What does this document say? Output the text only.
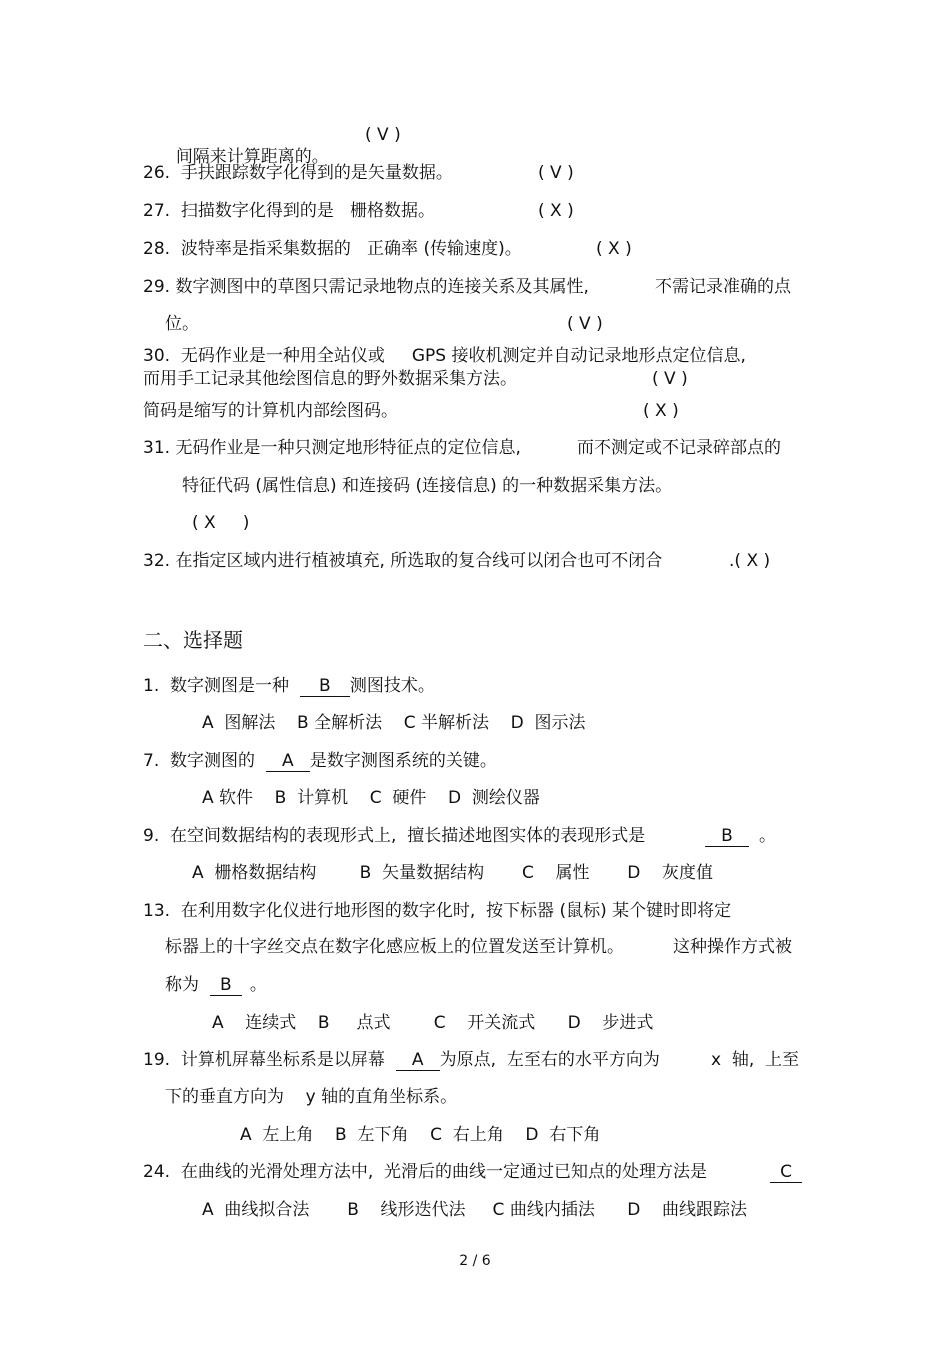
间隔来计算距离的。

( V )
26.  手扶跟踪数字化得到的是矢量数据。	( V )
27.  扫描数字化得到的是   栅格数据。	( X )
28.  波特率是指采集数据的   正确率 (传输速度)。	( X )
29. 数字测图中的草图只需记录地物点的连接关系及其属性,	不需记录准确的点
位。	( V )
30.  无码作业是一种用全站仪或     GPS 接收机测定并自动记录地形点定位信息,
而用手工记录其他绘图信息的野外数据采集方法。	( V )
简码是缩写的计算机内部绘图码。	( X )
31. 无码作业是一种只测定地形特征点的定位信息,	而不测定或不记录碎部点的
特征代码 (属性信息) 和连接码 (连接信息) 的一种数据采集方法。
( X     )
32. 在指定区域内进行植被填充, 所选取的复合线可以闭合也可不闭合	.( X )
二、选择题
1.  数字测图是一种  B 测图技术。
A  图解法    B 全解析法    C 半解析法    D  图示法
7.  数字测图的  A 是数字测图系统的关键。
A 软件    B  计算机    C  硬件    D  测绘仪器
9.  在空间数据结构的表现形式上,  擅长描述地图实体的表现形式是	B 。
A  栅格数据结构        B  矢量数据结构       C    属性       D    灰度值
13.  在利用数字化仪进行地形图的数字化时,  按下标器 (鼠标) 某个键时即将定
标器上的十字丝交点在数字化感应板上的位置发送至计算机。	这种操作方式被
称为  B 。
A    连续式    B     点式        C    开关流式      D    步进式
19.  计算机屏幕坐标系是以屏幕  A 为原点,  左至右的水平方向为	x  轴,  上至
下的垂直方向为    y 轴的直角坐标系。
A  左上角    B  左下角    C  右上角    D  右下角
24.  在曲线的光滑处理方法中,  光滑后的曲线一定通过已知点的处理方法是	C
A  曲线拟合法       B    线形迭代法     C 曲线内插法      D    曲线跟踪法
2 / 6
